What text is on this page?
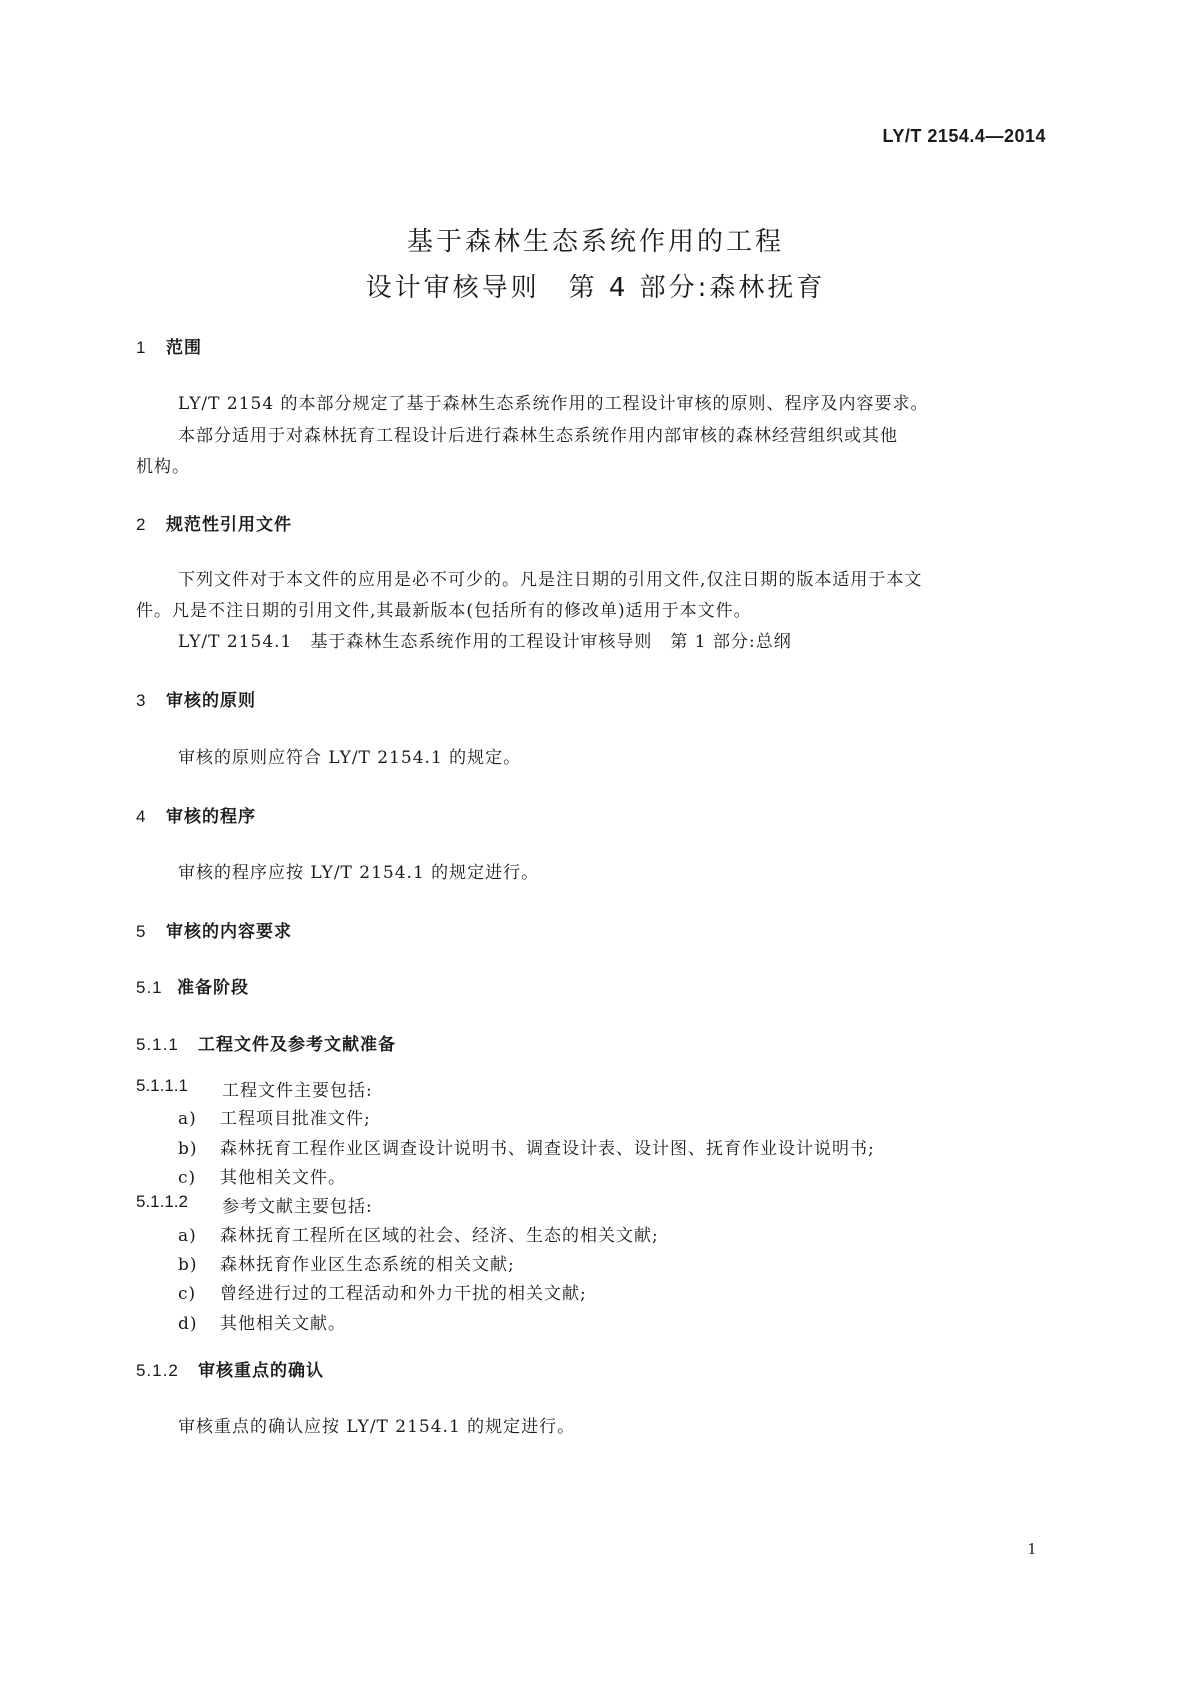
LY/T 2154.4—2014
基于森林生态系统作用的工程
设计审核导则　第 4 部分:森林抚育
1 范围
LY/T 2154 的本部分规定了基于森林生态系统作用的工程设计审核的原则、程序及内容要求。
本部分适用于对森林抚育工程设计后进行森林生态系统作用内部审核的森林经营组织或其他
机构。
2 规范性引用文件
下列文件对于本文件的应用是必不可少的。凡是注日期的引用文件,仅注日期的版本适用于本文
件。凡是不注日期的引用文件,其最新版本(包括所有的修改单)适用于本文件。
LY/T 2154.1　基于森林生态系统作用的工程设计审核导则　第 1 部分:总纲
3 审核的原则
审核的原则应符合 LY/T 2154.1 的规定。
4 审核的程序
审核的程序应按 LY/T 2154.1 的规定进行。
5 审核的内容要求
5.1 准备阶段
5.1.1 工程文件及参考文献准备
5.1.1.1 工程文件主要包括:
a) 工程项目批准文件;
b) 森林抚育工程作业区调查设计说明书、调查设计表、设计图、抚育作业设计说明书;
c) 其他相关文件。
5.1.1.2 参考文献主要包括:
a) 森林抚育工程所在区域的社会、经济、生态的相关文献;
b) 森林抚育作业区生态系统的相关文献;
c) 曾经进行过的工程活动和外力干扰的相关文献;
d) 其他相关文献。
5.1.2 审核重点的确认
审核重点的确认应按 LY/T 2154.1 的规定进行。
1
